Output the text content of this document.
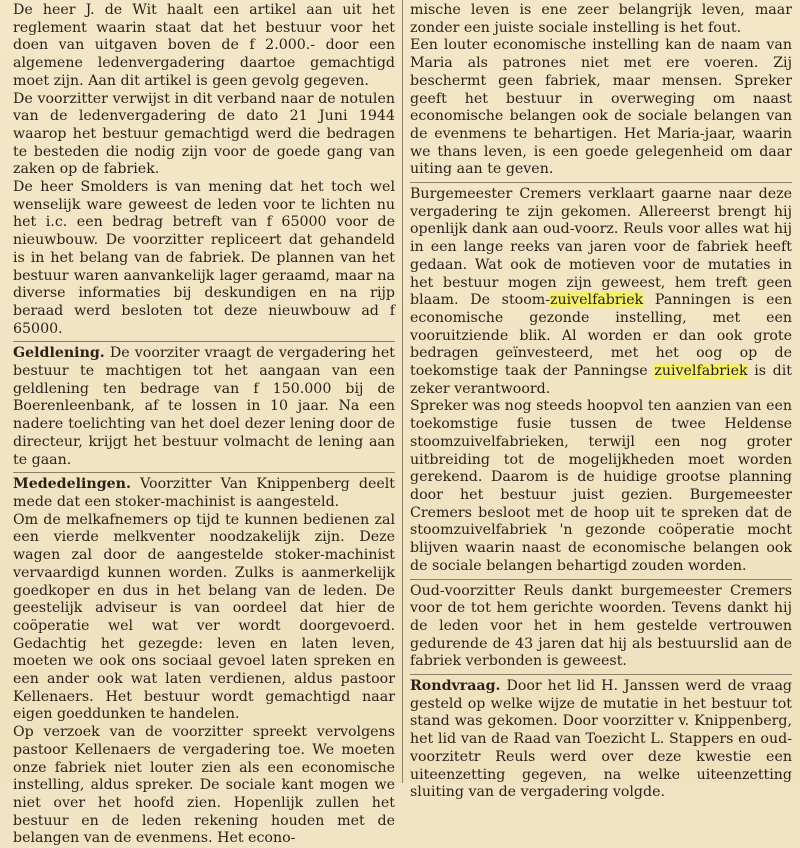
De heer J. de Wit haalt een artikel aan uit het reglement waarin staat dat het bestuur voor het doen van uitgaven boven de f 2.000.- door een algemene ledenvergadering daartoe gemachtigd moet zijn. Aan dit artikel is geen gevolg gegeven.

De voorzitter verwijst in dit verband naar de notulen van de ledenvergadering de dato 21 Juni 1944 waarop het bestuur gemachtigd werd die bedragen te besteden die nodig zijn voor de goede gang van zaken op de fabriek.

De heer Smolders is van mening dat het toch wel wenselijk ware geweest de leden voor te lichten nu het i.c. een bedrag betreft van f 65000 voor de nieuwbouw. De voorzitter repliceert dat gehandeld is in het belang van de fabriek. De plannen van het bestuur waren aanvankelijk lager geraamd, maar na diverse informaties bij deskundigen en na rijp beraad werd besloten tot deze nieuwbouw ad f 65000.

Geldlening. De voorziter vraagt de vergadering het bestuur te machtigen tot het aangaan van een geldlening ten bedrage van f 150.000 bij de Boerenleenbank, af te lossen in 10 jaar. Na een nadere toelichting van het doel dezer lening door de directeur, krijgt het bestuur volmacht de lening aan te gaan.

Mededelingen. Voorzitter Van Knippenberg deelt mede dat een stoker-machinist is aangesteld.

Om de melkafnemers op tijd te kunnen bedienen zal een vierde melkventer noodzakelijk zijn. Deze wagen zal door de aangestelde stoker-machinist vervaardigd kunnen worden. Zulks is aanmerkelijk goedkoper en dus in het belang van de leden. De geestelijk adviseur is van oordeel dat hier de coöperatie wel wat ver wordt doorgevoerd. Gedachtig het gezegde: leven en laten leven, moeten we ook ons sociaal gevoel laten spreken en een ander ook wat laten verdienen, aldus pastoor Kellenaers. Het bestuur wordt gemachtigd naar eigen goeddunken te handelen.

Op verzoek van de voorzitter spreekt vervolgens pastoor Kellenaers de vergadering toe. We moeten onze fabriek niet louter zien als een economische instelling, aldus spreker. De sociale kant mogen we niet over het hoofd zien. Hopenlijk zullen het bestuur en de leden rekening houden met de belangen van de evenmens. Het econo-

mische leven is ene zeer belangrijk leven, maar zonder een juiste sociale instelling is het fout.

Een louter economische instelling kan de naam van Maria als patrones niet met ere voeren. Zij beschermt geen fabriek, maar mensen. Spreker geeft het bestuur in overweging om naast economische belangen ook de sociale belangen van de evenmens te behartigen. Het Maria-jaar, waarin we thans leven, is een goede gelegenheid om daar uiting aan te geven.

Burgemeester Cremers verklaart gaarne naar deze vergadering te zijn gekomen. Allereerst brengt hij openlijk dank aan oud-voorz. Reuls voor alles wat hij in een lange reeks van jaren voor de fabriek heeft gedaan. Wat ook de motieven voor de mutaties in het bestuur mogen zijn geweest, hem treft geen blaam. De stoom-zuivelfabriek Panningen is een economische gezonde instelling, met een vooruitziende blik. Al worden er dan ook grote bedragen geïnvesteerd, met het oog op de toekomstige taak der Panningse zuivelfabriek is dit zeker verantwoord.

Spreker was nog steeds hoopvol ten aanzien van een toekomstige fusie tussen de twee Heldense stoomzuivelfabrieken, terwijl een nog groter uitbreiding tot de mogelijkheden moet worden gerekend. Daarom is de huidige grootse planning door het bestuur juist gezien. Burgemeester Cremers besloot met de hoop uit te spreken dat de stoomzuivelfabriek 'n gezonde coöperatie mocht blijven waarin naast de economische belangen ook de sociale belangen behartigd zouden worden.

Oud-voorzitter Reuls dankt burgemeester Cremers voor de tot hem gerichte woorden. Tevens dankt hij de leden voor het in hem gestelde vertrouwen gedurende de 43 jaren dat hij als bestuurslid aan de fabriek verbonden is geweest.

Rondvraag. Door het lid H. Janssen werd de vraag gesteld op welke wijze de mutatie in het bestuur tot stand was gekomen. Door voorzitter v. Knippenberg, het lid van de Raad van Toezicht L. Stappers en oud-voorzitetr Reuls werd over deze kwestie een uiteenzetting gegeven, na welke uiteenzetting sluiting van de vergadering volgde.
